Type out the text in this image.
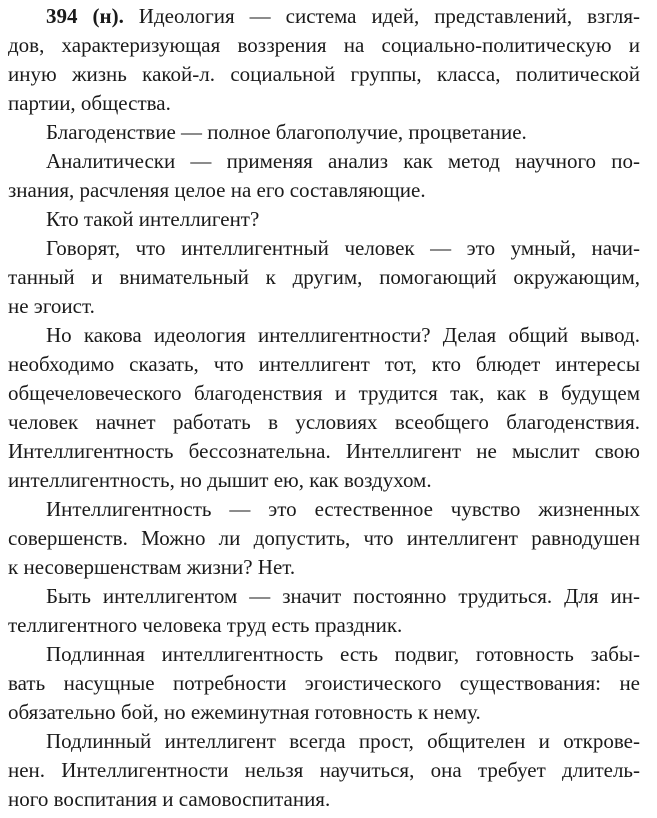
394 (н). Идеология — система идей, представлений, взгля-
дов, характеризующая воззрения на социально-политическую и
иную жизнь какой-л. социальной группы, класса, политической
партии, общества.
Благоденствие — полное благополучие, процветание.
Аналитически — применяя анализ как метод научного по-
знания, расчленяя целое на его составляющие.
Кто такой интеллигент?
Говорят, что интеллигентный человек — это умный, начи-
танный и внимательный к другим, помогающий окружающим,
не эгоист.
Но какова идеология интеллигентности? Делая общий вывод.
необходимо сказать, что интеллигент тот, кто блюдет интересы
общечеловеческого благоденствия и трудится так, как в будущем
человек начнет работать в условиях всеобщего благоденствия.
Интеллигентность бессознательна. Интеллигент не мыслит свою
интеллигентность, но дышит ею, как воздухом.
Интеллигентность — это естественное чувство жизненных
совершенств. Можно ли допустить, что интеллигент равнодушен
к несовершенствам жизни? Нет.
Быть интеллигентом — значит постоянно трудиться. Для ин-
теллигентного человека труд есть праздник.
Подлинная интеллигентность есть подвиг, готовность забы-
вать насущные потребности эгоистического существования: не
обязательно бой, но ежеминутная готовность к нему.
Подлинный интеллигент всегда прост, общителен и открове-
нен. Интеллигентности нельзя научиться, она требует длитель-
ного воспитания и самовоспитания.
